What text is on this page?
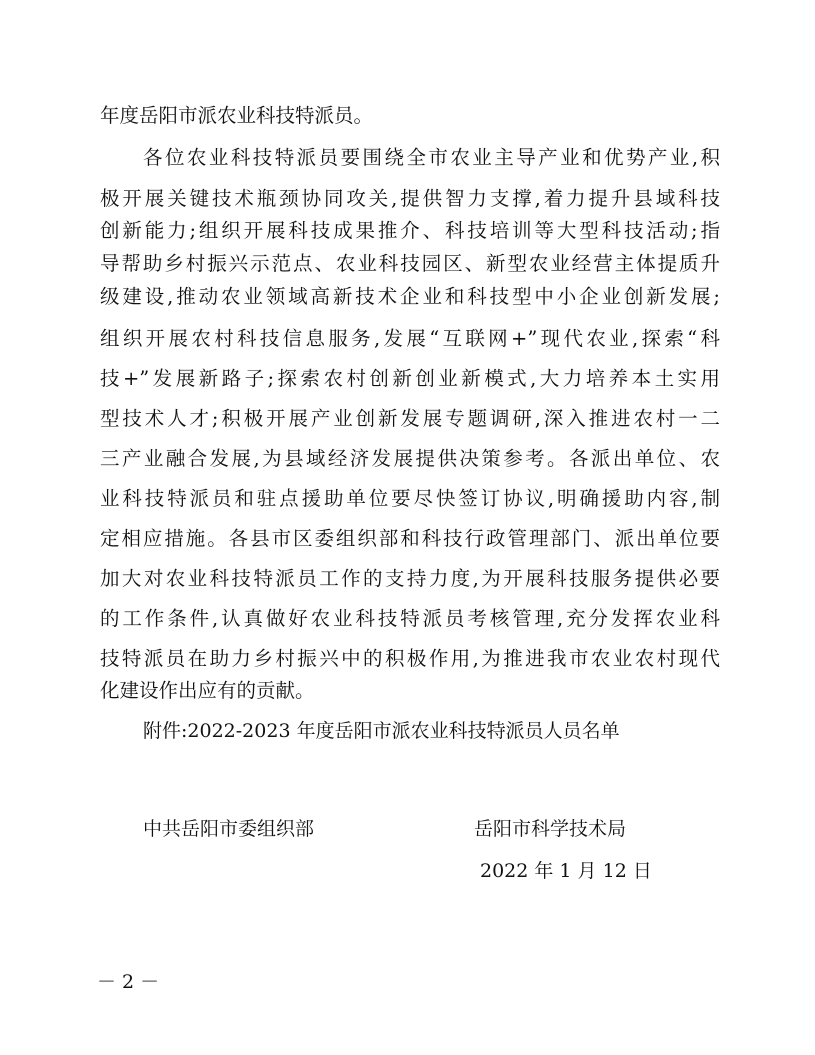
年度岳阳市派农业科技特派员。
各位农业科技特派员要围绕全市农业主导产业和优势产业,积
极开展关键技术瓶颈协同攻关,提供智力支撑,着力提升县域科技
创新能力;组织开展科技成果推介、科技培训等大型科技活动;指
导帮助乡村振兴示范点、农业科技园区、新型农业经营主体提质升
级建设,推动农业领域高新技术企业和科技型中小企业创新发展;
组织开展农村科技信息服务,发展“互联网+”现代农业,探索“科
技+”发展新路子;探索农村创新创业新模式,大力培养本土实用
型技术人才;积极开展产业创新发展专题调研,深入推进农村一二
三产业融合发展,为县域经济发展提供决策参考。各派出单位、农
业科技特派员和驻点援助单位要尽快签订协议,明确援助内容,制
定相应措施。各县市区委组织部和科技行政管理部门、派出单位要
加大对农业科技特派员工作的支持力度,为开展科技服务提供必要
的工作条件,认真做好农业科技特派员考核管理,充分发挥农业科
技特派员在助力乡村振兴中的积极作用,为推进我市农业农村现代
化建设作出应有的贡献。
附件:2022-2023 年度岳阳市派农业科技特派员人员名单
中共岳阳市委组织部	岳阳市科学技术局
2022 年 1 月 12 日
－ 2 －
